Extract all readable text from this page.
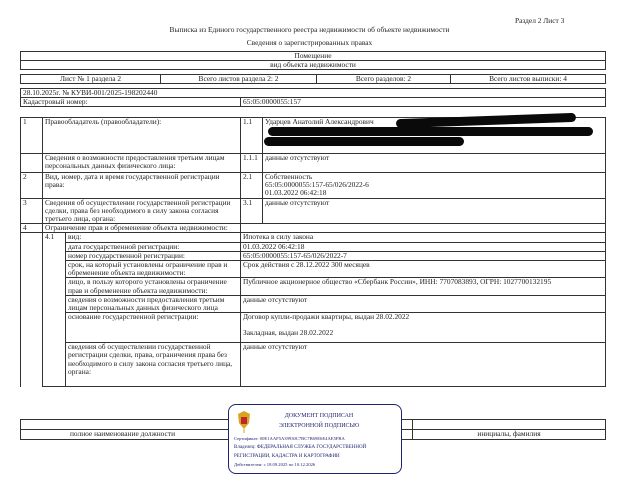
Раздел 2 Лист 3
Выписка из Единого государственного реестра недвижимости об объекте недвижимости
Сведения о зарегистрированных правах
Помещение
вид объекта недвижимости
Лист № 1 раздела 2	Всего листов раздела 2: 2	Всего разделов: 2	Всего листов выписки: 4
28.10.2025г. № КУВИ-001/2025-198202440
Кадастровый номер:	65:05:0000055:157
1	Правообладатель (правообладатели):		1.1	Ударцев Анатолий Александрович
	Сведения о возможности предоставления третьим лицам персональных данных физического лица:		1.1.1	данные отсутствуют
2	Вид, номер, дата и время государственной регистрации права:		2.1	Собственность
65:05:0000055:157-65/026/2022-6
01.03.2022 06:42:18

3	Сведения об осуществлении государственной регистрации сделки, права без необходимого в силу закона согласия третьего лица, органа:		3.1	данные отсутствуют
4	Ограничение прав и обременение объекта недвижимости:			
	4.1	вид:	Ипотека в силу закона	

		дата государственной регистрации:	01.03.2022 06:42:18	

		номер государственной регистрации:	65:05:0000055:157-65/026/2022-7	

		срок, на который установлены ограничение прав и обременение объекта недвижимости:	Срок действия с 28.12.2022 300 месяцев	

		лицо, в пользу которого установлены ограничение прав и обременение объекта недвижимости:	Публичное акционерное общество «Сбербанк России», ИНН: 7707083893, ОГРН: 1027700132195	

		сведения о возможности предоставления третьим лицам персональных данных физического лица	данные отсутствуют	

		основание государственной регистрации:	Договор купли-продажи квартиры, выдан 28.02.2022
Закладная, выдан 28.02.2022	

		сведения об осуществлении государственной регистрации сделки, права, ограничения права без необходимого в силу закона согласия третьего лица, органа:	данные отсутствуют	

полное наименование должности	инициалы, фамилия
ДОКУМЕНТ ПОДПИСАН
ЭЛЕКТРОННОЙ ПОДПИСЬЮ
Сертификат: 00E1AAF5A39930C7BC7B69E6E4AE5FBA
Владелец: ФЕДЕРАЛЬНАЯ СЛУЖБА ГОСУДАРСТВЕННОЙ
РЕГИСТРАЦИИ, КАДАСТРА И КАРТОГРАФИИ
Действителен: с 18.09.2025 по 10.12.2026
